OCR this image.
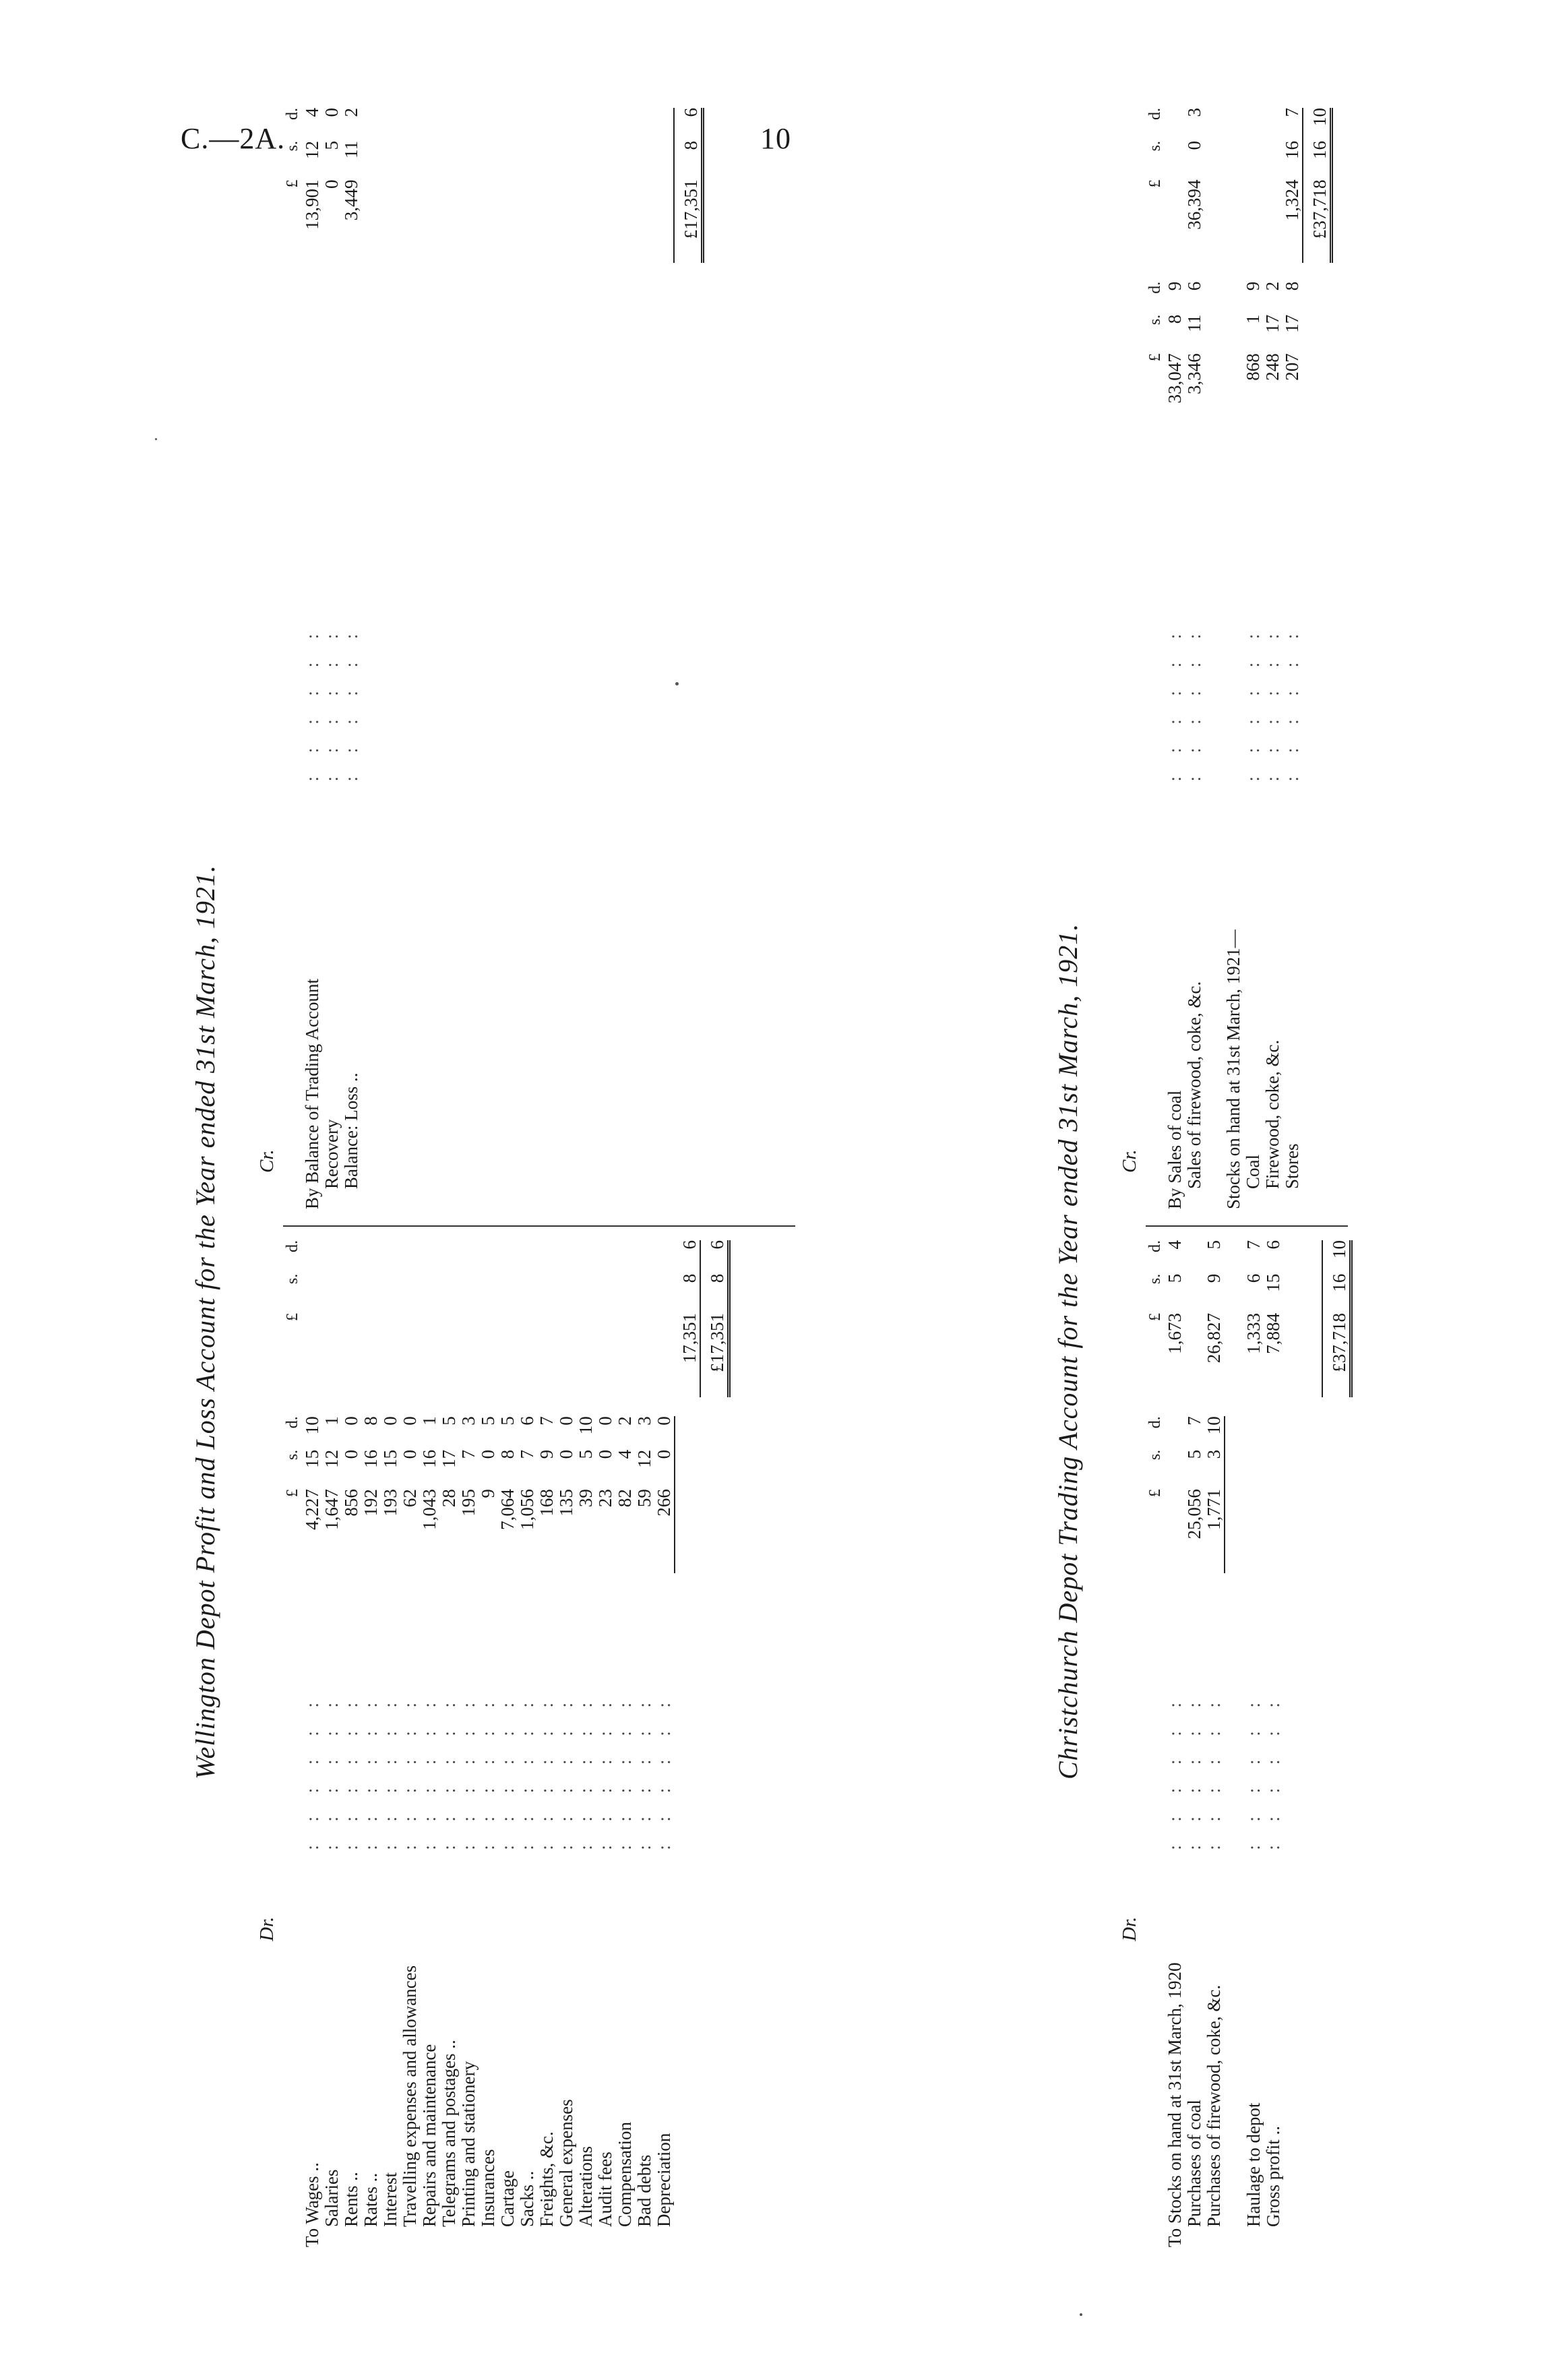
C.—2A.	10
Wellington Depot Profit and Loss Account for the Year ended 31st March, 1921.
Dr.
Cr.
		£	s.	d.		£	s.	d.
To Wages ..	: : : : : :	4,227	15	10				
Salaries	: : : : : :	1,647	12	1				
Rents ..	: : : : : :	856	0	0				
Rates ..	: : : : : :	192	16	8				
Interest	: : : : : :	193	15	0				
Travelling expenses and allowances	: : : : : :	62	0	0				
Repairs and maintenance	: : : : : :	1,043	16	1				
Telegrams and postages ..	: : : : : :	28	17	5				
Printing and stationery	: : : : : :	195	7	3				
Insurances	: : : : : :	9	0	5				
Cartage	: : : : : :	7,064	8	5				
Sacks ..	: : : : : :	1,056	7	6				
Freights, &c.	: : : : : :	168	9	7				
General expenses	: : : : : :	135	0	0				
Alterations	: : : : : :	39	5	10				
Audit fees	: : : : : :	23	0	0				
Compensation	: : : : : :	82	4	2				
Bad debts	: : : : : :	59	12	3				
Depreciation	: : : : : :	266	0	0				
						17,351	8	6
						£17,351	8	6
						£	s.	d.
By Balance of Trading Account	: : : : : :					13,901	12	4
Recovery	: : : : : :					0	5	0
Balance: Loss ..	: : : : : :					3,449	11	2

						£17,351	8	6
Christchurch Depot Trading Account for the Year ended 31st March, 1921.
Dr.
Cr.
		£	s.	d.		£	s.	d.
To Stocks on hand at 31st March, 1920	: : : : : :					1,673	5	4
Purchases of coal	: : : : : :	25,056	5	7				
Purchases of firewood, coke, &c.	: : : : : :	1,771	3	10		26,827	9	5

Haulage to depot	: : : : : :					1,333	6	7
Gross profit ..	: : : : : :					7,884	15	6

						£37,718	16	10
		£	s.	d.		£	s.	d.
By Sales of coal	: : : : : :	33,047	8	9				
Sales of firewood, coke, &c.	: : : : : :	3,346	11	6		36,394	0	3

Stocks on hand at 31st March, 1921—								
Coal	: : : : : :	868	1	9				
Firewood, coke, &c.	: : : : : :	248	17	2				
Stores	: : : : : :	207	17	8		1,324	16	7
						£37,718	16	10
